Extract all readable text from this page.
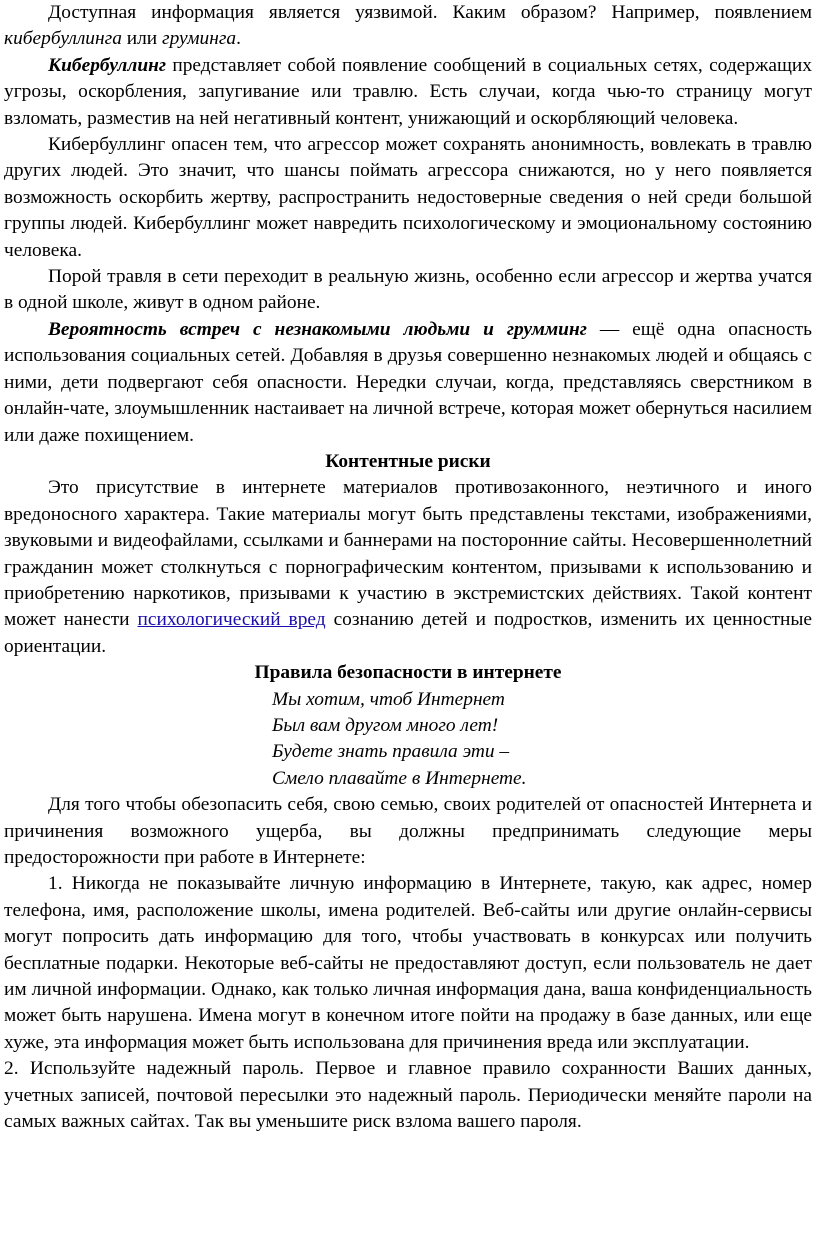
Доступная информация является уязвимой. Каким образом? Например, появлением кибербуллинга или груминга.

Кибербуллинг представляет собой появление сообщений в социальных сетях, содержащих угрозы, оскорбления, запугивание или травлю. Есть случаи, когда чью-то страницу могут взломать, разместив на ней негативный контент, унижающий и оскорбляющий человека.

Кибербуллинг опасен тем, что агрессор может сохранять анонимность, вовлекать в травлю других людей. Это значит, что шансы поймать агрессора снижаются, но у него появляется возможность оскорбить жертву, распространить недостоверные сведения о ней среди большой группы людей. Кибербуллинг может навредить психологическому и эмоциональному состоянию человека.

Порой травля в сети переходит в реальную жизнь, особенно если агрессор и жертва учатся в одной школе, живут в одном районе.

Вероятность встреч с незнакомыми людьми и грумминг — ещё одна опасность использования социальных сетей. Добавляя в друзья совершенно незнакомых людей и общаясь с ними, дети подвергают себя опасности. Нередки случаи, когда, представляясь сверстником в онлайн-чате, злоумышленник настаивает на личной встрече, которая может обернуться насилием или даже похищением.

Контентные риски

Это присутствие в интернете материалов противозаконного, неэтичного и иного вредоносного характера. Такие материалы могут быть представлены текстами, изображениями, звуковыми и видеофайлами, ссылками и баннерами на посторонние сайты. Несовершеннолетний гражданин может столкнуться с порнографическим контентом, призывами к использованию и приобретению наркотиков, призывами к участию в экстремистских действиях. Такой контент может нанести психологический вред сознанию детей и подростков, изменить их ценностные ориентации.

Правила безопасности в интернете

Мы хотим, чтоб Интернет

Был вам другом много лет!

Будете знать правила эти –

Смело плавайте в Интернете.

Для того чтобы обезопасить себя, свою семью, своих родителей от опасностей Интернета и причинения возможного ущерба, вы должны предпринимать следующие меры предосторожности при работе в Интернете:

1. Никогда не показывайте личную информацию в Интернете, такую, как адрес, номер телефона, имя, расположение школы, имена родителей. Веб-сайты или другие онлайн-сервисы могут попросить дать информацию для того, чтобы участвовать в конкурсах или получить бесплатные подарки. Некоторые веб-сайты не предоставляют доступ, если пользователь не дает им личной информации. Однако, как только личная информация дана, ваша конфиденциальность может быть нарушена. Имена могут в конечном итоге пойти на продажу в базе данных, или еще хуже, эта информация может быть использована для причинения вреда или эксплуатации.

2. Используйте надежный пароль. Первое и главное правило сохранности Ваших данных, учетных записей, почтовой пересылки это надежный пароль. Периодически меняйте пароли на самых важных сайтах. Так вы уменьшите риск взлома вашего пароля.
